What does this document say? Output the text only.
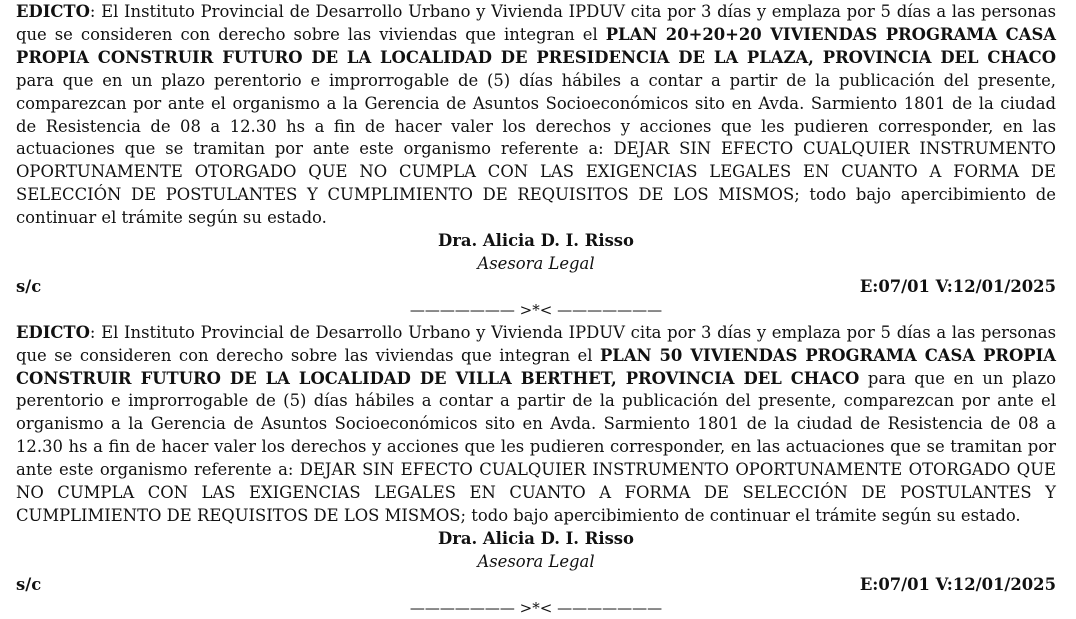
EDICTO: El Instituto Provincial de Desarrollo Urbano y Vivienda IPDUV cita por 3 días y emplaza por 5 días a las personas que se consideren con derecho sobre las viviendas que integran el PLAN 20+20+20 VIVIENDAS PROGRAMA CASA PROPIA CONSTRUIR FUTURO DE LA LOCALIDAD DE PRESIDENCIA DE LA PLAZA, PROVINCIA DEL CHACO para que en un plazo perentorio e improrrogable de (5) días hábiles a contar a partir de la publicación del presente, comparezcan por ante el organismo a la Gerencia de Asuntos Socioeconómicos sito en Avda. Sarmiento 1801 de la ciudad de Resistencia de 08 a 12.30 hs a fin de hacer valer los derechos y acciones que les pudieren corresponder, en las actuaciones que se tramitan por ante este organismo referente a: DEJAR SIN EFECTO CUALQUIER INSTRUMENTO OPORTUNAMENTE OTORGADO QUE NO CUMPLA CON LAS EXIGENCIAS LEGALES EN CUANTO A FORMA DE SELECCIÓN DE POSTULANTES Y CUMPLIMIENTO DE REQUISITOS DE LOS MISMOS; todo bajo apercibimiento de continuar el trámite según su estado.

Dra. Alicia D. I. Risso
Asesora Legal
s/c	E:07/01 V:12/01/2025
——————— >*< ———————

EDICTO: El Instituto Provincial de Desarrollo Urbano y Vivienda IPDUV cita por 3 días y emplaza por 5 días a las personas que se consideren con derecho sobre las viviendas que integran el PLAN 50 VIVIENDAS PROGRAMA CASA PROPIA CONSTRUIR FUTURO DE LA LOCALIDAD DE VILLA BERTHET, PROVINCIA DEL CHACO para que en un plazo perentorio e improrrogable de (5) días hábiles a contar a partir de la publicación del presente, comparezcan por ante el organismo a la Gerencia de Asuntos Socioeconómicos sito en Avda. Sarmiento 1801 de la ciudad de Resistencia de 08 a 12.30 hs a fin de hacer valer los derechos y acciones que les pudieren corresponder, en las actuaciones que se tramitan por ante este organismo referente a: DEJAR SIN EFECTO CUALQUIER INSTRUMENTO OPORTUNAMENTE OTORGADO QUE NO CUMPLA CON LAS EXIGENCIAS LEGALES EN CUANTO A FORMA DE SELECCIÓN DE POSTULANTES Y CUMPLIMIENTO DE REQUISITOS DE LOS MISMOS; todo bajo apercibimiento de continuar el trámite según su estado.

Dra. Alicia D. I. Risso
Asesora Legal
s/c	E:07/01 V:12/01/2025
——————— >*< ———————
